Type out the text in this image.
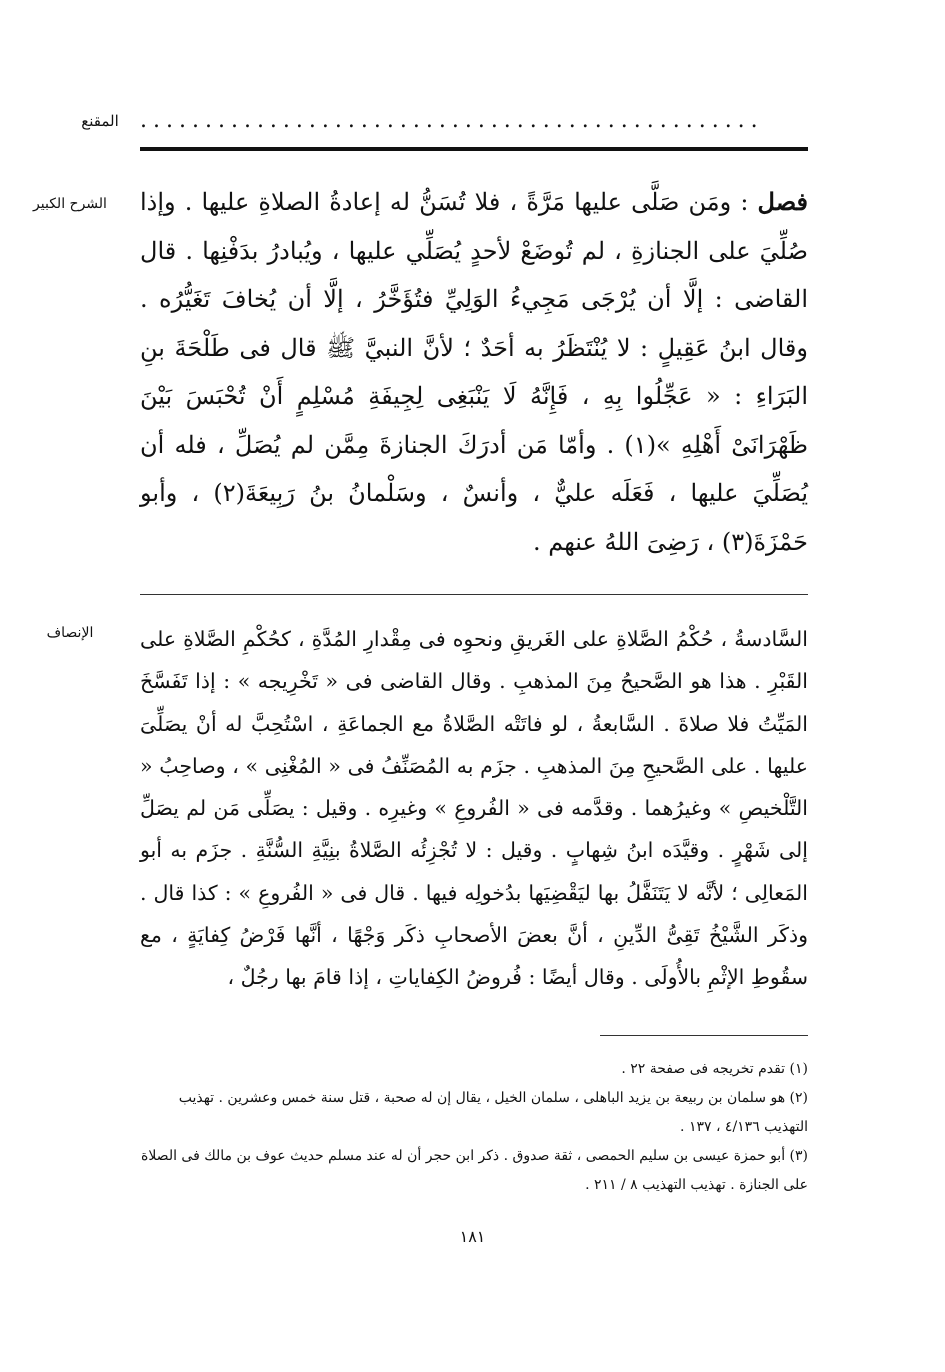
المقنع ................................................
الشرح الكبير	فصل : ومَن صَلَّى عليها مَرَّةً ، فلا تُسَنُّ له إعادةُ الصلاةِ عليها . وإذا صُلِّيَ على الجنازةِ ، لم تُوضَعْ لأحدٍ يُصَلِّي عليها ، ويُبادرُ بدَفْنِها . قال القاضى : إلَّا أن يُرْجَى مَجِيءُ الوَلِيِّ فتُؤَخَّرُ ، إلَّا أن يُخافَ تَغَيُّرُه . وقال ابنُ عَقِيلٍ : لا يُنْتَظَرُ به أحَدٌ ؛ لأنَّ النبيَّ ﷺ قال فى طَلْحَةَ بنِ البَرَاءِ : « عَجِّلُوا بِهِ ، فَإِنَّهُ لَا يَنْبَغِى لِجِيفَةِ مُسْلِمٍ أَنْ تُحْبَسَ بَيْنَ ظَهْرَانَىْ أَهْلِهِ »(١) . وأمّا مَن أدرَكَ الجنازةَ مِمَّن لم يُصَلِّ ، فله أن يُصَلِّيَ عليها ، فَعَلَه عليٌّ ، وأنسٌ ، وسَلْمانُ بنُ رَبِيعَةَ(٢) ، وأبو حَمْزَةَ(٣) ، رَضِىَ اللهُ عنهم .
الإنصاف	السَّادسةُ ، حُكْمُ الصَّلاةِ على الغَريقِ ونحوِه فى مِقْدارِ المُدَّةِ ، كحُكْمِ الصَّلاةِ على القَبْرِ . هذا هو الصَّحيحُ مِنَ المذهبِ . وقال القاضى فى « تَخْرِيجه » : إذا تَفَسَّخَ المَيِّتُ فلا صلاةَ . السَّابعةُ ، لو فاتَتْه الصَّلاةُ مع الجماعَةِ ، اسْتُحِبَّ له أنْ يصَلِّىَ عليها . على الصَّحيحِ مِنَ المذهبِ . جزَم به المُصَنِّفُ فى « المُغْنِى » ، وصاحِبُ « التَّلْخيصِ » وغيرُهما . وقدَّمه فى « الفُروعِ » وغيرِه . وقيل : يصَلِّى مَن لم يصَلِّ إلى شَهْرٍ . وقيَّدَه ابنُ شِهابٍ . وقيل : لا تُجْزِئُه الصَّلاةُ بنِيَّةِ السُّنَّةِ . جزَم به أبو المَعالِى ؛ لأنَّه لا يَتَنَفَّلُ بها ليَقْضِيَها بدُخولِه فيها . قال فى « الفُروعِ » : كذا قال . وذكَر الشَّيْخُ تَقِىُّ الدِّينِ ، أنَّ بعضَ الأصحابِ ذكَر وَجْهًا ، أنَّها فَرْضُ كِفايَةٍ ، مع سقُوطِ الإثْمِ بالأُولَى . وقال أيضًا : فُروضُ الكِفاياتِ ، إذا قامَ بها رجُلٌ ،

(١) تقدم تخريجه فى صفحة ٢٢ .

(٢) هو سلمان بن ربيعة بن يزيد الباهلى ، سلمان الخيل ، يقال إن له صحبة ، قتل سنة خمس وعشرين . تهذيب التهذيب ٤/١٣٦ ، ١٣٧ .

(٣) أبو حمزة عيسى بن سليم الحمصى ، ثقة صدوق . ذكر ابن حجر أن له عند مسلم حديث عوف بن مالك فى الصلاة على الجنازة . تهذيب التهذيب ٨ / ٢١١ .

١٨١
